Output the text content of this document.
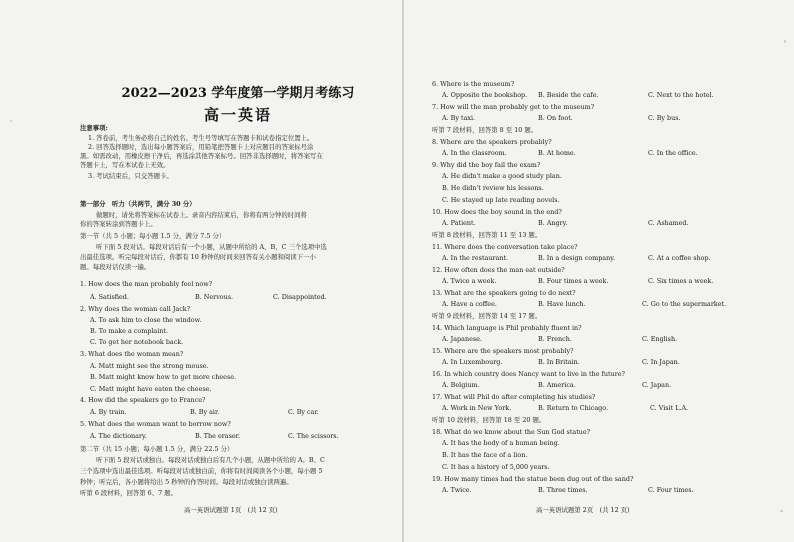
2022—2023 学年度第一学期月考练习
高一英语
注意事项:
1. 答卷前，考生务必将自己的姓名、考生号等填写在答题卡和试卷指定位置上。
2. 回答选择题时，选出每小题答案后，用铅笔把答题卡上对应题目的答案标号涂
黑。如需改动，用橡皮擦干净后，再选涂其他答案标号。回答非选择题时，将答案写在
答题卡上，写在本试卷上无效。
3. 考试结束后，只交答题卡。
第一部分　听力（共两节，满分 30 分）
做题时，请先将答案标在试卷上。录音内容结束后，你将有两分钟的时间将
你的答案转涂到答题卡上。
第一节（共 5 小题；每小题 1.5 分，满分 7.5 分）
听下面 5 段对话。每段对话后有一个小题，从题中所给的 A、B、C 三个选项中选
出最佳选项。听完每段对话后，你都有 10 秒钟的时间来回答有关小题和阅读下一小
题。每段对话仅读一遍。
1. How does the man probably feel now?
A. Satisfied.	B. Nervous.	C. Disappointed.
2. Why does the woman call Jack?
A. To ask him to close the window.
B. To make a complaint.
C. To get her notebook back.
3. What does the woman mean?
A. Matt might see the strong mouse.
B. Matt might know how to get more cheese.
C. Matt might have eaten the cheese.
4. How did the speakers go to France?
A. By train.	B. By air.	C. By car.
5. What does the woman want to borrow now?
A. The dictionary.	B. The eraser.	C. The scissors.
第二节（共 15 小题；每小题 1.5 分，满分 22.5 分）
听下面 5 段对话或独白。每段对话或独白后有几个小题，从题中所给的 A、B、C
三个选项中选出最佳选项。听每段对话或独白前，你将有时间阅读各个小题，每小题 5
秒钟；听完后，各小题将给出 5 秒钟的作答时间。每段对话或独白读两遍。
听第 6 段材料，回答第 6、7 题。
高一英语试题第 1页　(共 12 页)
6. Where is the museum?
A. Opposite the bookshop. B. Beside the cafe.	C. Next to the hotel.
7. How will the man probably get to the museum?
A. By taxi.	B. On foot.	C. By bus.
听第 7 段材料，回答第 8 至 10 题。
8. Where are the speakers probably?
A. In the classroom.	B. At home.	C. In the office.
9. Why did the boy fail the exam?
A. He didn't make a good study plan.
B. He didn't review his lessons.
C. He stayed up late reading novels.
10. How does the boy sound in the end?
A. Patient.	B. Angry.	C. Ashamed.
听第 8 段材料，回答第 11 至 13 题。
11. Where does the conversation take place?
A. In the restaurant.	B. In a design company.	C. At a coffee shop.
12. How often does the man eat outside?
A. Twice a week.	B. Four times a week.	C. Six times a week.
13. What are the speakers going to do next?
A. Have a coffee.	B. Have lunch.	C. Go to the supermarket.
听第 9 段材料，回答第 14 至 17 题。
14. Which language is Phil probably fluent in?
A. Japanese.	B. French.	C. English.
15. Where are the speakers most probably?
A. In Luxembourg.	B. In Britain.	C. In Japan.
16. In which country does Nancy want to live in the future?
A. Belgium.	B. America.	C. Japan.
17. What will Phil do after completing his studies?
A. Work in New York.	B. Return to Chicago.	C. Visit L.A.
听第 10 段材料，回答第 18 至 20 题。
18. What do we know about the Sun God statue?
A. It has the body of a human being.
B. It has the face of a lion.
C. It has a history of 5,000 years.
19. How many times had the statue been dug out of the sand?
A. Twice.	B. Three times.	C. Four times.
高一英语试题第 2页　(共 12 页)
